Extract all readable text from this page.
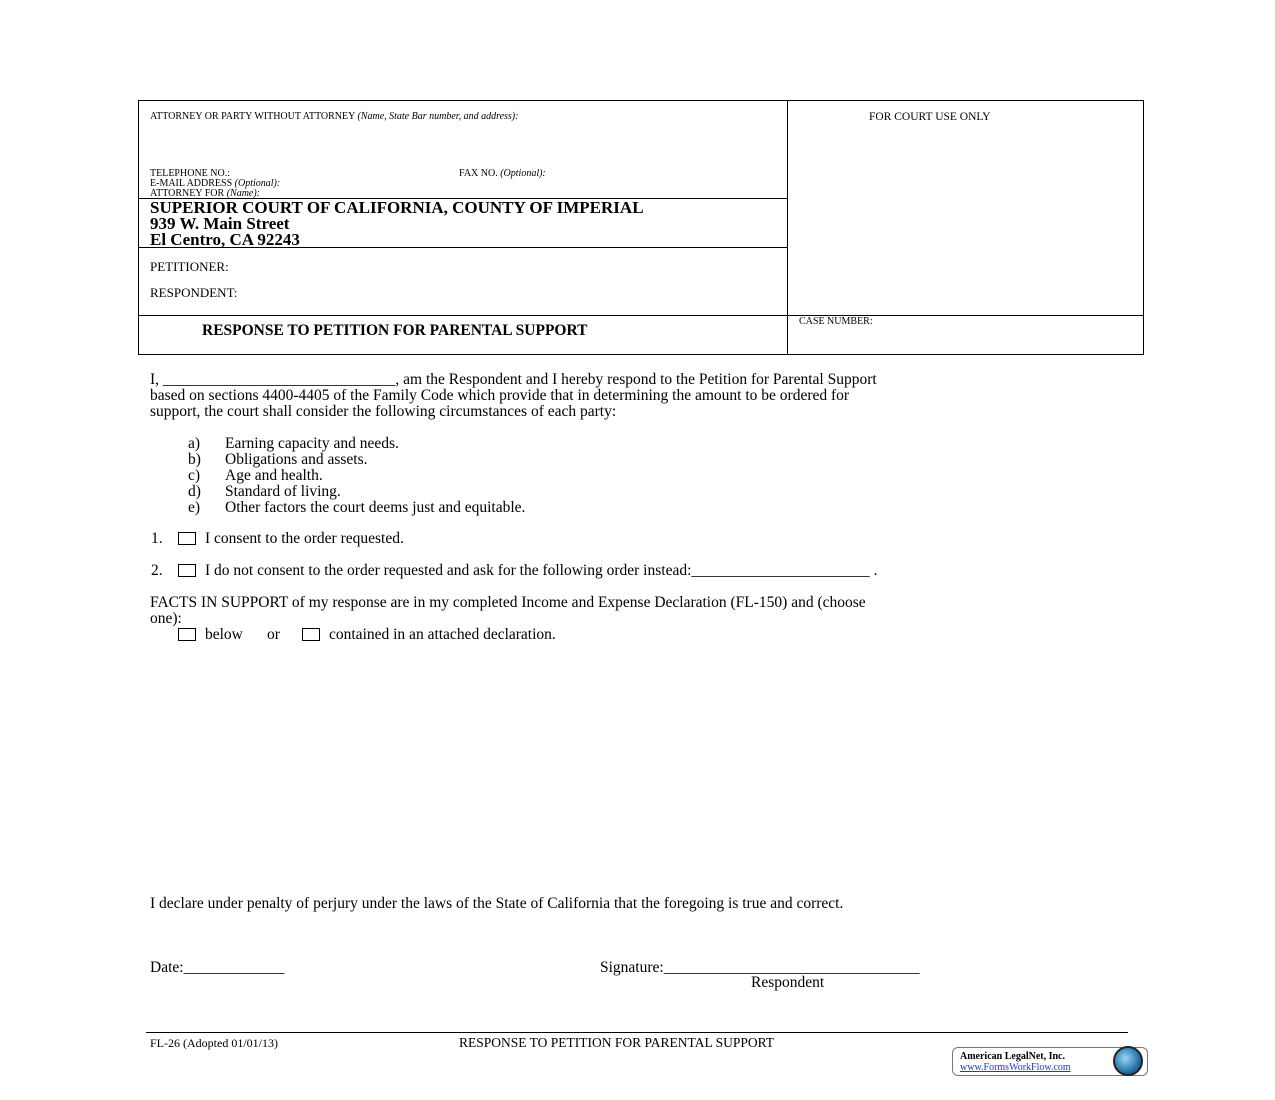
ATTORNEY OR PARTY WITHOUT ATTORNEY (Name, State Bar number, and address):	FOR COURT USE ONLY
TELEPHONE NO.:	FAX NO. (Optional):
E-MAIL ADDRESS (Optional):
ATTORNEY FOR (Name):
SUPERIOR COURT OF CALIFORNIA, COUNTY OF IMPERIAL
939 W. Main Street
El Centro, CA 92243
PETITIONER:
RESPONDENT:
RESPONSE TO PETITION FOR PARENTAL SUPPORT
CASE NUMBER:
I, ______________________________, am the Respondent and I hereby respond to the Petition for Parental Support
based on sections 4400-4405 of the Family Code which provide that in determining the amount to be ordered for
support, the court shall consider the following circumstances of each party:
a) Earning capacity and needs.
b) Obligations and assets.
c) Age and health.
d) Standard of living.
e) Other factors the court deems just and equitable.
1.	I consent to the order requested.
2.	I do not consent to the order requested and ask for the following order instead:_______________________ .
FACTS IN SUPPORT of my response are in my completed Income and Expense Declaration (FL-150) and (choose
one):
below or	contained in an attached declaration.
I declare under penalty of perjury under the laws of the State of California that the foregoing is true and correct.
Date:_____________	Signature:_________________________________
Respondent
FL-26 (Adopted 01/01/13)	RESPONSE TO PETITION FOR PARENTAL SUPPORT
American LegalNet, Inc.
www.FormsWorkFlow.com
